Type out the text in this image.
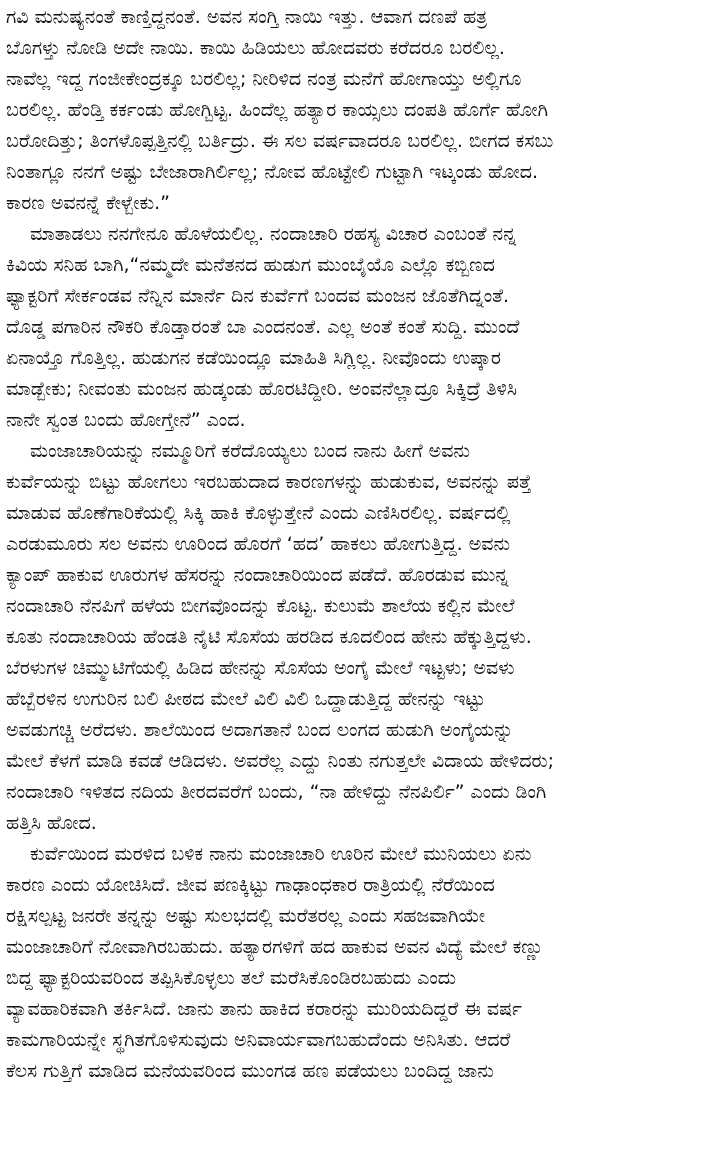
ಗವಿ ಮನುಷ್ಯನಂತೆ ಕಾಣ್ತಿದ್ದನಂತೆ. ಅವನ ಸಂಗ್ತಿ ನಾಯಿ ಇತ್ತು. ಆವಾಗ ದಣಪೆ ಹತ್ರ
ಬೊಗಳ್ತು ನೋಡಿ ಅದೇ ನಾಯಿ. ಕಾಯಿ ಹಿಡಿಯಲು ಹೋದವರು ಕರೆದರೂ ಬರಲಿಲ್ಲ.
ನಾವೆಲ್ಲ ಇದ್ದ ಗಂಜೀಕೇಂದ್ರಕ್ಕೂ ಬರಲಿಲ್ಲ; ನೀರಿಳಿದ ನಂತ್ರ ಮನೆಗೆ ಹೋಗಾಯ್ತು ಅಲ್ಲಿಗೂ
ಬರಲಿಲ್ಲ. ಹೆಂಡ್ತಿ ಕರ್ಕಂಡು ಹೋಗ್ಬಿಟ್ಟ. ಹಿಂದೆಲ್ಲ ಹತ್ಯಾರ ಕಾಯ್ಸಲು ದಂಪತಿ ಹೊರ್ಗೆ ಹೋಗಿ
ಬರೋದಿತ್ತು; ತಿಂಗಳೊಪ್ಪತ್ತಿನಲ್ಲಿ ಬರ್ತಿದ್ರು. ಈ ಸಲ ವರ್ಷವಾದರೂ ಬರಲಿಲ್ಲ. ಬೀಗದ ಕಸಬು
ನಿಂತಾಗ್ಲೂ ನನಗೆ ಅಷ್ಟು ಬೇಜಾರಾಗಿರ್ಲಿಲ್ಲ; ನೋವ ಹೊಟ್ಟೇಲಿ ಗುಟ್ಟಾಗಿ ಇಟ್ಕಂಡು ಹೋದ.
ಕಾರಣ ಅವನನ್ನೆ ಕೇಳ್ಬೇಕು.”
ಮಾತಾಡಲು ನನಗೇನೂ ಹೊಳೆಯಲಿಲ್ಲ. ನಂದಾಚಾರಿ ರಹಸ್ಯ ವಿಚಾರ ಎಂಬಂತೆ ನನ್ನ
ಕಿವಿಯ ಸನಿಹ ಬಾಗಿ,“ನಮ್ಮದೇ ಮನೆತನದ ಹುಡುಗ ಮುಂಬೈಯೊ ಎಲ್ಲೊ ಕಬ್ಬಿಣದ
ಫ್ಯಾಕ್ಟರಿಗೆ ಸೇರ್ಕಂಡವ ನೆನ್ನಿನ ಮಾರ್ನೆ ದಿನ ಕುರ್ವೆಗೆ ಬಂದವ ಮಂಜನ ಜೊತೆಗಿದ್ನಂತೆ.
ದೊಡ್ಡ ಪಗಾರಿನ ನೌಕರಿ ಕೊಡ್ತಾರಂತೆ ಬಾ ಎಂದನಂತೆ. ಎಲ್ಲ ಅಂತೆ ಕಂತೆ ಸುದ್ದಿ. ಮುಂದೆ
ಏನಾಯ್ತೊ ಗೊತ್ತಿಲ್ಲ. ಹುಡುಗನ ಕಡೆಯಿಂದ್ಲೂ ಮಾಹಿತಿ ಸಿಗ್ಲಿಲ್ಲ. ನೀವೊಂದು ಉಪ್ಕಾರ
ಮಾಡ್ಬೇಕು; ನೀವಂತು ಮಂಜನ ಹುಡ್ಕಂಡು ಹೊರಟಿದ್ದೀರಿ. ಅಂವನೆಲ್ಲಾದ್ರೂ ಸಿಕ್ಕಿದ್ರೆ ತಿಳಿಸಿ
ನಾನೇ ಸ್ವಂತ ಬಂದು ಹೋಗ್ತೇನೆ” ಎಂದ.
ಮಂಜಾಚಾರಿಯನ್ನು ನಮ್ಮೂರಿಗೆ ಕರೆದೊಯ್ಯಲು ಬಂದ ನಾನು ಹೀಗೆ ಅವನು
ಕುರ್ವೆಯನ್ನು ಬಿಟ್ಟು ಹೋಗಲು ಇರಬಹುದಾದ ಕಾರಣಗಳನ್ನು ಹುಡುಕುವ, ಅವನನ್ನು ಪತ್ತೆ
ಮಾಡುವ ಹೊಣೆಗಾರಿಕೆಯಲ್ಲಿ ಸಿಕ್ಕಿ ಹಾಕಿ ಕೊಳ್ಳುತ್ತೇನೆ ಎಂದು ಎಣಿಸಿರಲಿಲ್ಲ. ವರ್ಷದಲ್ಲಿ
ಎರಡುಮೂರು ಸಲ ಅವನು ಊರಿಂದ ಹೊರಗೆ ‘ಹದ’ ಹಾಕಲು ಹೋಗುತ್ತಿದ್ದ. ಅವನು
ಕ್ಯಾಂಪ್ ಹಾಕುವ ಊರುಗಳ ಹೆಸರನ್ನು ನಂದಾಚಾರಿಯಿಂದ ಪಡೆದೆ. ಹೊರಡುವ ಮುನ್ನ
ನಂದಾಚಾರಿ ನೆನಪಿಗೆ ಹಳೆಯ ಬೀಗವೊಂದನ್ನು ಕೊಟ್ಟ. ಕುಲುಮೆ ಶಾಲೆಯ ಕಲ್ಲಿನ ಮೇಲೆ
ಕೂತು ನಂದಾಚಾರಿಯ ಹೆಂಡತಿ ನೈಟಿ ಸೊಸೆಯ ಹರಡಿದ ಕೂದಲಿಂದ ಹೇನು ಹೆಕ್ಕುತ್ತಿದ್ದಳು.
ಬೆರಳುಗಳ ಚಿಮ್ಮುಟಿಗೆಯಲ್ಲಿ ಹಿಡಿದ ಹೇನನ್ನು ಸೊಸೆಯ ಅಂಗೈ ಮೇಲೆ ಇಟ್ಟಳು; ಅವಳು
ಹೆಬ್ಬೆರಳಿನ ಉಗುರಿನ ಬಲಿ ಪೀಠದ ಮೇಲೆ ವಿಲಿ ವಿಲಿ ಒದ್ದಾಡುತ್ತಿದ್ದ ಹೇನನ್ನು ಇಟ್ಟು
ಅವಡುಗಚ್ಚಿ ಅರೆದಳು. ಶಾಲೆಯಿಂದ ಅದಾಗತಾನೆ ಬಂದ ಲಂಗದ ಹುಡುಗಿ ಅಂಗೈಯನ್ನು
ಮೇಲೆ ಕೆಳಗೆ ಮಾಡಿ ಕವಡೆ ಆಡಿದಳು. ಅವರೆಲ್ಲ ಎದ್ದು ನಿಂತು ನಗುತ್ತಲೇ ವಿದಾಯ ಹೇಳಿದರು;
ನಂದಾಚಾರಿ ಇಳಿತದ ನದಿಯ ತೀರದವರೆಗೆ ಬಂದು, “ನಾ ಹೇಳಿದ್ದು ನೆನಪಿರ್ಲಿ” ಎಂದು ಡಿಂಗಿ
ಹತ್ತಿಸಿ ಹೋದ.
ಕುರ್ವೆಯಿಂದ ಮರಳಿದ ಬಳಿಕ ನಾನು ಮಂಜಾಚಾರಿ ಊರಿನ ಮೇಲೆ ಮುನಿಯಲು ಏನು
ಕಾರಣ ಎಂದು ಯೋಚಿಸಿದೆ. ಜೀವ ಪಣಕ್ಕಿಟ್ಟು ಗಾಢಾಂಧಕಾರ ರಾತ್ರಿಯಲ್ಲಿ ನೆರೆಯಿಂದ
ರಕ್ಷಿಸಲ್ಪಟ್ಟ ಜನರೇ ತನ್ನನ್ನು ಅಷ್ಟು ಸುಲಭದಲ್ಲಿ ಮರೆತರಲ್ಲ ಎಂದು ಸಹಜವಾಗಿಯೇ
ಮಂಜಾಚಾರಿಗೆ ನೋವಾಗಿರಬಹುದು. ಹತ್ಯಾರಗಳಿಗೆ ಹದ ಹಾಕುವ ಅವನ ವಿದ್ಯೆ ಮೇಲೆ ಕಣ್ಣು
ಬಿದ್ದ ಫ್ಯಾಕ್ಟರಿಯವರಿಂದ ತಪ್ಪಿಸಿಕೊಳ್ಳಲು ತಲೆ ಮರೆಸಿಕೊಂಡಿರಬಹುದು ಎಂದು
ವ್ಯಾವಹಾರಿಕವಾಗಿ ತರ್ಕಿಸಿದೆ. ಜಾನು ತಾನು ಹಾಕಿದ ಕರಾರನ್ನು ಮುರಿಯದಿದ್ದರೆ ಈ ವರ್ಷ
ಕಾಮಗಾರಿಯನ್ನೇ ಸ್ಥಗಿತಗೊಳಿಸುವುದು ಅನಿವಾರ್ಯವಾಗಬಹುದೆಂದು ಅನಿಸಿತು. ಆದರೆ
ಕೆಲಸ ಗುತ್ತಿಗೆ ಮಾಡಿದ ಮನೆಯವರಿಂದ ಮುಂಗಡ ಹಣ ಪಡೆಯಲು ಬಂದಿದ್ದ ಜಾನು
